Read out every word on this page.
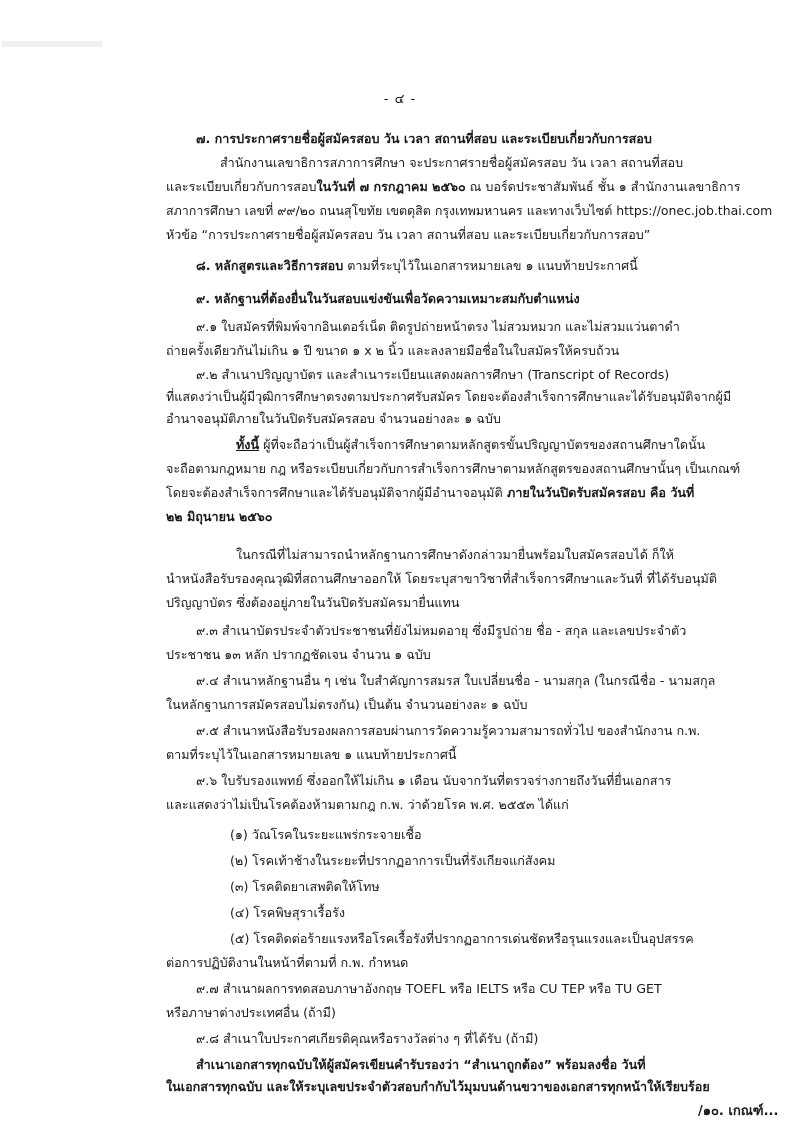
- ๔ -
๗. การประกาศรายชื่อผู้สมัครสอบ วัน เวลา สถานที่สอบ และระเบียบเกี่ยวกับการสอบ
สำนักงานเลขาธิการสภาการศึกษา จะประกาศรายชื่อผู้สมัครสอบ วัน เวลา สถานที่สอบ
และระเบียบเกี่ยวกับการสอบในวันที่ ๗ กรกฎาคม ๒๕๖๐ ณ บอร์ดประชาสัมพันธ์ ชั้น ๑ สำนักงานเลขาธิการ
สภาการศึกษา เลขที่ ๙๙/๒๐ ถนนสุโขทัย เขตดุสิต กรุงเทพมหานคร และทางเว็บไซต์ https://onec.job.thai.com
หัวข้อ “การประกาศรายชื่อผู้สมัครสอบ วัน เวลา สถานที่สอบ และระเบียบเกี่ยวกับการสอบ”
๘. หลักสูตรและวิธีการสอบ ตามที่ระบุไว้ในเอกสารหมายเลข ๑ แนบท้ายประกาศนี้
๙. หลักฐานที่ต้องยื่นในวันสอบแข่งขันเพื่อวัดความเหมาะสมกับตำแหน่ง
๙.๑ ใบสมัครที่พิมพ์จากอินเตอร์เน็ต ติดรูปถ่ายหน้าตรง ไม่สวมหมวก และไม่สวมแว่นตาดำ
ถ่ายครั้งเดียวกันไม่เกิน ๑ ปี ขนาด ๑ x ๒ นิ้ว และลงลายมือชื่อในใบสมัครให้ครบถ้วน
๙.๒ สำเนาปริญญาบัตร และสำเนาระเบียนแสดงผลการศึกษา (Transcript of Records)
ที่แสดงว่าเป็นผู้มีวุฒิการศึกษาตรงตามประกาศรับสมัคร โดยจะต้องสำเร็จการศึกษาและได้รับอนุมัติจากผู้มี
อำนาจอนุมัติภายในวันปิดรับสมัครสอบ จำนวนอย่างละ ๑ ฉบับ
ทั้งนี้ ผู้ที่จะถือว่าเป็นผู้สำเร็จการศึกษาตามหลักสูตรขั้นปริญญาบัตรของสถานศึกษาใดนั้น
จะถือตามกฎหมาย กฎ หรือระเบียบเกี่ยวกับการสำเร็จการศึกษาตามหลักสูตรของสถานศึกษานั้นๆ เป็นเกณฑ์
โดยจะต้องสำเร็จการศึกษาและได้รับอนุมัติจากผู้มีอำนาจอนุมัติ ภายในวันปิดรับสมัครสอบ คือ วันที่
๒๒ มิถุนายน ๒๕๖๐
ในกรณีที่ไม่สามารถนำหลักฐานการศึกษาดังกล่าวมายื่นพร้อมใบสมัครสอบได้ ก็ให้
นำหนังสือรับรองคุณวุฒิที่สถานศึกษาออกให้ โดยระบุสาขาวิชาที่สำเร็จการศึกษาและวันที่ ที่ได้รับอนุมัติ
ปริญญาบัตร ซึ่งต้องอยู่ภายในวันปิดรับสมัครมายื่นแทน
๙.๓ สำเนาบัตรประจำตัวประชาชนที่ยังไม่หมดอายุ ซึ่งมีรูปถ่าย ชื่อ - สกุล และเลขประจำตัว
ประชาชน ๑๓ หลัก ปรากฏชัดเจน จำนวน ๑ ฉบับ
๙.๔ สำเนาหลักฐานอื่น ๆ เช่น ใบสำคัญการสมรส ใบเปลี่ยนชื่อ - นามสกุล (ในกรณีชื่อ - นามสกุล
ในหลักฐานการสมัครสอบไม่ตรงกัน) เป็นต้น จำนวนอย่างละ ๑ ฉบับ
๙.๕ สำเนาหนังสือรับรองผลการสอบผ่านการวัดความรู้ความสามารถทั่วไป ของสำนักงาน ก.พ.
ตามที่ระบุไว้ในเอกสารหมายเลข ๑ แนบท้ายประกาศนี้
๙.๖ ใบรับรองแพทย์ ซึ่งออกให้ไม่เกิน ๑ เดือน นับจากวันที่ตรวจร่างกายถึงวันที่ยื่นเอกสาร
และแสดงว่าไม่เป็นโรคต้องห้ามตามกฎ ก.พ. ว่าด้วยโรค พ.ศ. ๒๕๕๓ ได้แก่
(๑) วัณโรคในระยะแพร่กระจายเชื้อ
(๒) โรคเท้าช้างในระยะที่ปรากฏอาการเป็นที่รังเกียจแก่สังคม
(๓) โรคติดยาเสพติดให้โทษ
(๔) โรคพิษสุราเรื้อรัง
(๕) โรคติดต่อร้ายแรงหรือโรคเรื้อรังที่ปรากฏอาการเด่นชัดหรือรุนแรงและเป็นอุปสรรค
ต่อการปฏิบัติงานในหน้าที่ตามที่ ก.พ. กำหนด
๙.๗ สำเนาผลการทดสอบภาษาอังกฤษ TOEFL หรือ IELTS หรือ CU TEP หรือ TU GET
หรือภาษาต่างประเทศอื่น (ถ้ามี)
๙.๘ สำเนาใบประกาศเกียรติคุณหรือรางวัลต่าง ๆ ที่ได้รับ (ถ้ามี)
สำเนาเอกสารทุกฉบับให้ผู้สมัครเขียนคำรับรองว่า “สำเนาถูกต้อง” พร้อมลงชื่อ วันที่
ในเอกสารทุกฉบับ และให้ระบุเลขประจำตัวสอบกำกับไว้มุมบนด้านขวาของเอกสารทุกหน้าให้เรียบร้อย
/๑๐. เกณฑ์...
